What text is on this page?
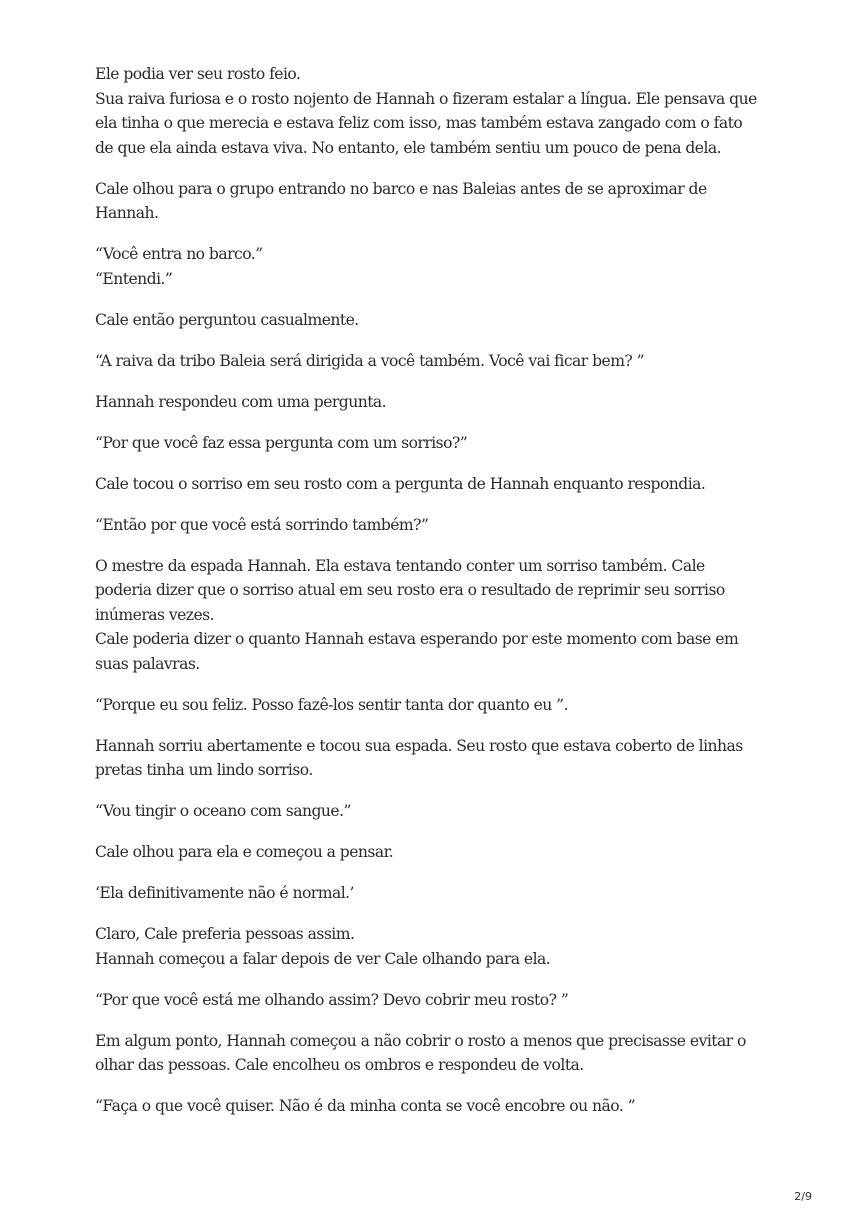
Ele podia ver seu rosto feio.
Sua raiva furiosa e o rosto nojento de Hannah o fizeram estalar a língua. Ele pensava que
ela tinha o que merecia e estava feliz com isso, mas também estava zangado com o fato
de que ela ainda estava viva. No entanto, ele também sentiu um pouco de pena dela.

Cale olhou para o grupo entrando no barco e nas Baleias antes de se aproximar de
Hannah.

“Você entra no barco.”
“Entendi.”

Cale então perguntou casualmente.

“A raiva da tribo Baleia será dirigida a você também. Você vai ficar bem? ”

Hannah respondeu com uma pergunta.

“Por que você faz essa pergunta com um sorriso?”

Cale tocou o sorriso em seu rosto com a pergunta de Hannah enquanto respondia.

“Então por que você está sorrindo também?”

O mestre da espada Hannah. Ela estava tentando conter um sorriso também. Cale
poderia dizer que o sorriso atual em seu rosto era o resultado de reprimir seu sorriso
inúmeras vezes.
Cale poderia dizer o quanto Hannah estava esperando por este momento com base em
suas palavras.

“Porque eu sou feliz. Posso fazê-los sentir tanta dor quanto eu ”.

Hannah sorriu abertamente e tocou sua espada. Seu rosto que estava coberto de linhas
pretas tinha um lindo sorriso.

“Vou tingir o oceano com sangue.”

Cale olhou para ela e começou a pensar.

‘Ela definitivamente não é normal.’

Claro, Cale preferia pessoas assim.
Hannah começou a falar depois de ver Cale olhando para ela.

“Por que você está me olhando assim? Devo cobrir meu rosto? ”

Em algum ponto, Hannah começou a não cobrir o rosto a menos que precisasse evitar o
olhar das pessoas. Cale encolheu os ombros e respondeu de volta.

“Faça o que você quiser. Não é da minha conta se você encobre ou não. ”

2/9
